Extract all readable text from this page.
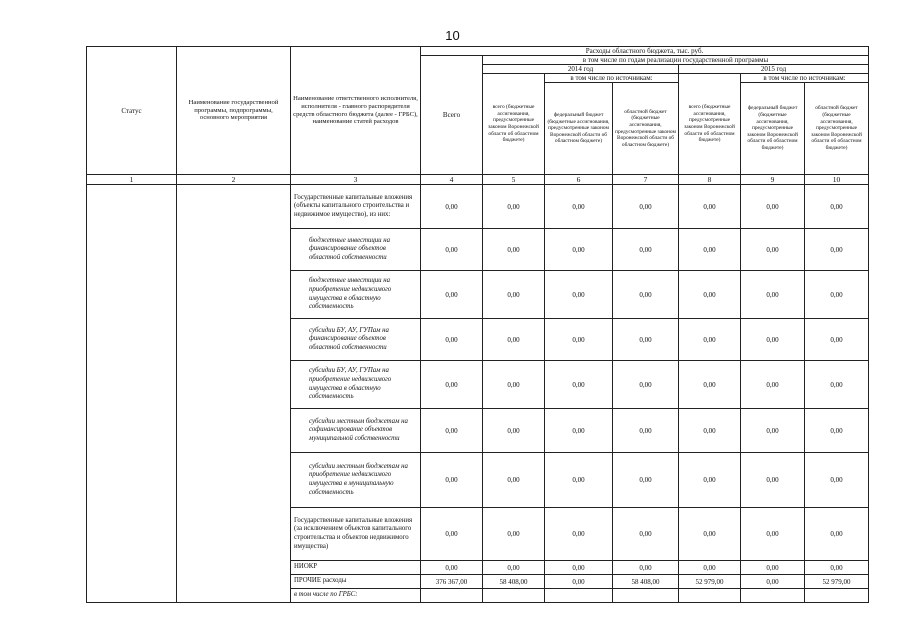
10
Статус	Наименование государственной программы, подпрограммы, основного мероприятия	Наименование ответственного исполнителя, исполнителя - главного распорядителя средств областного бюджета (далее - ГРБС), наименование статей расходов	Расходы областного бюджета, тыс. руб.						
			Всего	в том числе по годам реализации государственной программы					
				2014 год			2015 год		
				всего (бюджетные ассигнования, предусмотренные законом Воронежской области об областном бюджете)	в том числе по источникам:		всего (бюджетные ассигнования, предусмотренные законом Воронежской области об областном бюджете)	в том числе по источникам:	
					федеральный бюджет (бюджетные ассигнования, предусмотренные законом Воронежской области об областном бюджете)	областной бюджет (бюджетные ассигнования, предусмотренные законом Воронежской области об областном бюджете)		федеральный бюджет (бюджетные ассигнования, предусмотренные законом Воронежской области об областном бюджете)	областной бюджет (бюджетные ассигнования, предусмотренные законом Воронежской области об областном бюджете)
1	2	3	4	5	6	7	8	9	10
		Государственные капитальные вложения (объекты капитального строительства и недвижимое имущество), из них:	0,00	0,00	0,00	0,00	0,00	0,00	0,00
		бюджетные инвестиции на финансирование объектов областной собственности	0,00	0,00	0,00	0,00	0,00	0,00	0,00
		бюджетные инвестиции на приобретение недвижимого имущества в областную собственность	0,00	0,00	0,00	0,00	0,00	0,00	0,00
		субсидии БУ, АУ, ГУПам на финансирование объектов областной собственности	0,00	0,00	0,00	0,00	0,00	0,00	0,00
		субсидии БУ, АУ, ГУПам на приобретение недвижимого имущества в областную собственность	0,00	0,00	0,00	0,00	0,00	0,00	0,00
		субсидии местным бюджетам на софинансирование объектов муниципальной собственности	0,00	0,00	0,00	0,00	0,00	0,00	0,00
		субсидии местным бюджетам на приобретение недвижимого имущества в муниципальную собственность	0,00	0,00	0,00	0,00	0,00	0,00	0,00
		Государственные капитальные вложения (за исключением объектов капитального строительства и объектов недвижимого имущества)	0,00	0,00	0,00	0,00	0,00	0,00	0,00
		НИОКР	0,00	0,00	0,00	0,00	0,00	0,00	0,00
		ПРОЧИЕ расходы	376 367,00	58 408,00	0,00	58 408,00	52 979,00	0,00	52 979,00
		в том числе по ГРБС:							
